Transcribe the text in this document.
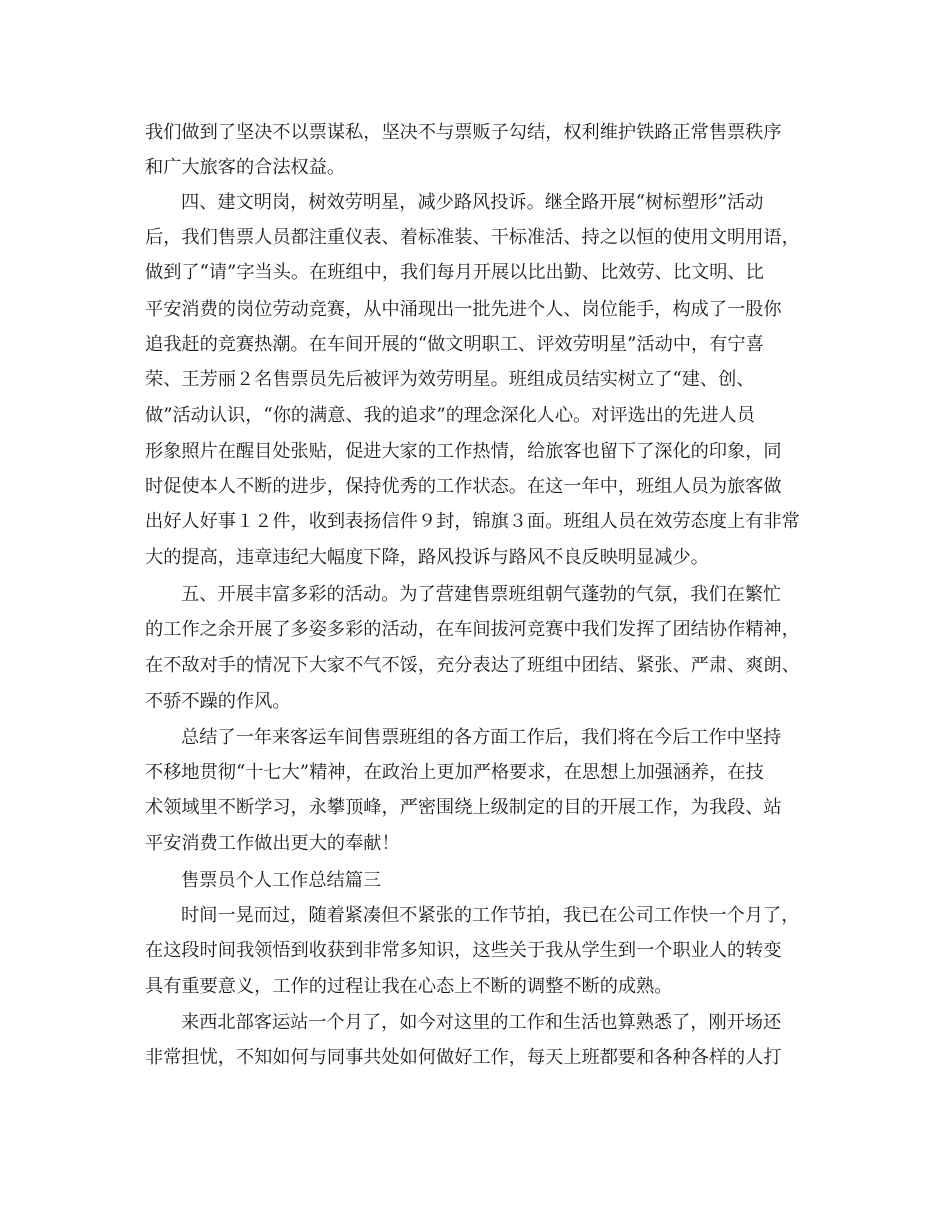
我们做到了坚决不以票谋私，坚决不与票贩子勾结，权利维护铁路正常售票秩序
和广大旅客的合法权益。
四、建文明岗，树效劳明星，减少路风投诉。继全路开展“树标塑形”活动
后，我们售票人员都注重仪表、着标准装、干标准活、持之以恒的使用文明用语，
做到了“请”字当头。在班组中，我们每月开展以比出勤、比效劳、比文明、比
平安消费的岗位劳动竞赛，从中涌现出一批先进个人、岗位能手，构成了一股你
追我赶的竞赛热潮。在车间开展的“做文明职工、评效劳明星”活动中，有宁喜
荣、王芳丽２名售票员先后被评为效劳明星。班组成员结实树立了“建、创、
做”活动认识，“你的满意、我的追求”的理念深化人心。对评选出的先进人员
形象照片在醒目处张贴，促进大家的工作热情，给旅客也留下了深化的印象，同
时促使本人不断的进步，保持优秀的工作状态。在这一年中，班组人员为旅客做
出好人好事１２件，收到表扬信件９封，锦旗３面。班组人员在效劳态度上有非常
大的提高，违章违纪大幅度下降，路风投诉与路风不良反映明显减少。
五、开展丰富多彩的活动。为了营建售票班组朝气蓬勃的气氛，我们在繁忙
的工作之余开展了多姿多彩的活动，在车间拔河竞赛中我们发挥了团结协作精神，
在不敌对手的情况下大家不气不馁，充分表达了班组中团结、紧张、严肃、爽朗、
不骄不躁的作风。
总结了一年来客运车间售票班组的各方面工作后，我们将在今后工作中坚持
不移地贯彻“十七大”精神，在政治上更加严格要求，在思想上加强涵养，在技
术领域里不断学习，永攀顶峰，严密围绕上级制定的目的开展工作，为我段、站
平安消费工作做出更大的奉献！
售票员个人工作总结篇三
时间一晃而过，随着紧凑但不紧张的工作节拍，我已在公司工作快一个月了，
在这段时间我领悟到收获到非常多知识，这些关于我从学生到一个职业人的转变
具有重要意义，工作的过程让我在心态上不断的调整不断的成熟。
来西北部客运站一个月了，如今对这里的工作和生活也算熟悉了，刚开场还
非常担忧，不知如何与同事共处如何做好工作，每天上班都要和各种各样的人打
